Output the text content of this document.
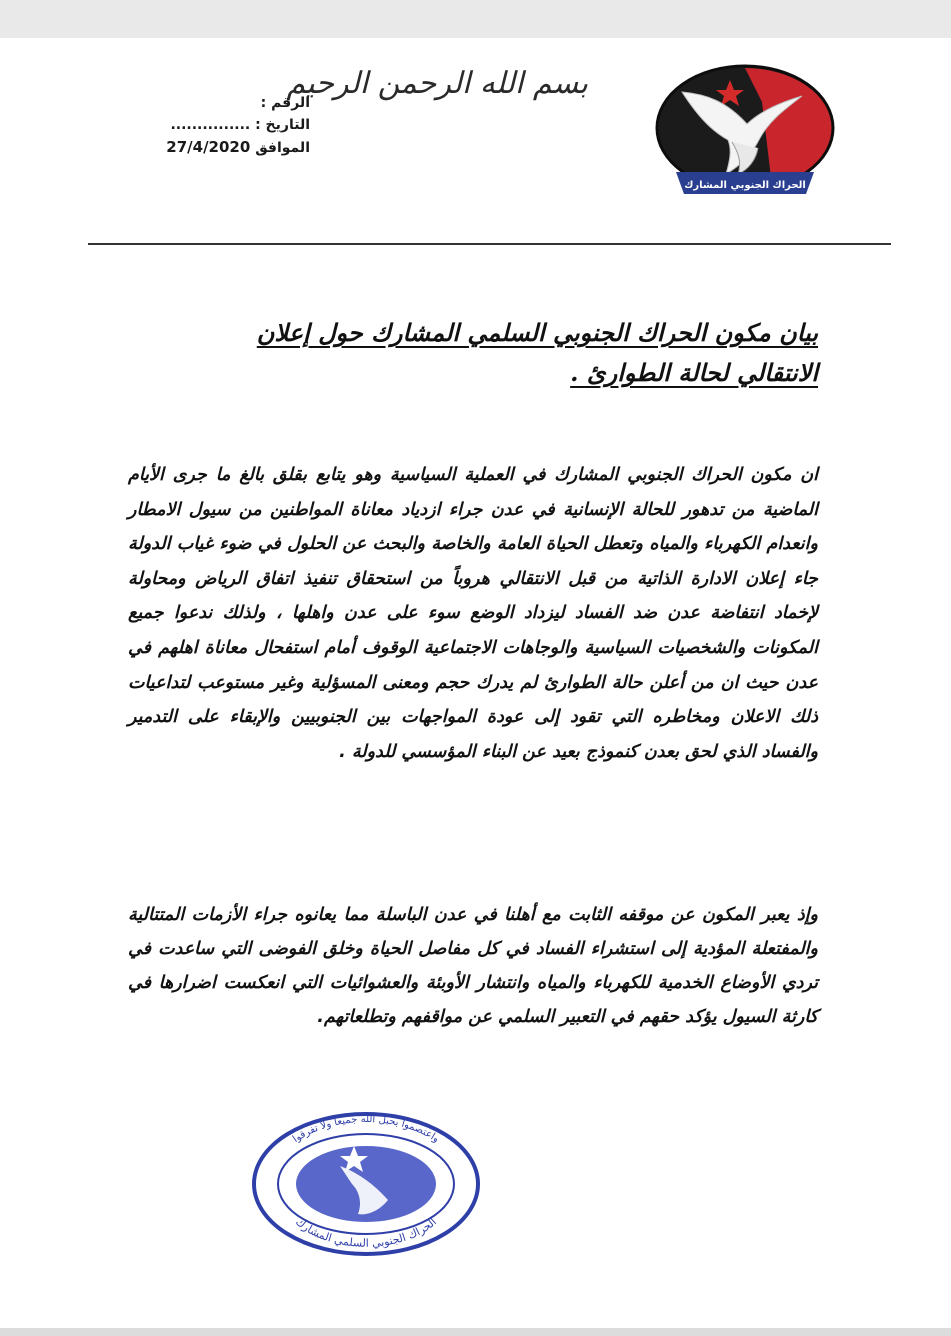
الحراك الجنوبي المشارك
بسم الله الرحمن الرحيم
الرقم :
التاريخ : ...............
الموافق 27/4/2020
بيان مكون الحراك الجنوبي السلمي المشارك حول إعلان
الانتقالي لحالة الطوارئ .
ان مكون الحراك الجنوبي المشارك في العملية السياسية وهو يتابع بقلق بالغ ما جرى الأيام الماضية من تدهور للحالة الإنسانية في عدن جراء ازدياد معاناة المواطنين من سيول الامطار وانعدام الكهرباء والمياه وتعطل الحياة العامة والخاصة والبحث عن الحلول في ضوء غياب الدولة جاء إعلان الادارة الذاتية من قبل الانتقالي هروباً من استحقاق تنفيذ اتفاق الرياض ومحاولة لإخماد انتفاضة عدن ضد الفساد ليزداد الوضع سوء على عدن واهلها ، ولذلك ندعوا جميع المكونات والشخصيات السياسية والوجاهات الاجتماعية الوقوف أمام استفحال معاناة اهلهم في عدن حيث ان من أعلن حالة الطوارئ لم يدرك حجم ومعنى المسؤلية وغير مستوعب لتداعيات ذلك الاعلان ومخاطره التي تقود إلى عودة المواجهات بين الجنوبيين والإبقاء على التدمير والفساد الذي لحق بعدن كنموذج بعيد عن البناء المؤسسي للدولة .
وإذ يعبر المكون عن موقفه الثابت مع أهلنا في عدن الباسلة مما يعانوه جراء الأزمات المتتالية والمفتعلة المؤدية إلى استشراء الفساد في كل مفاصل الحياة وخلق الفوضى التي ساعدت في تردي الأوضاع الخدمية للكهرباء والمياه وانتشار الأوبئة والعشوائيات التي انعكست اضرارها في كارثة السيول يؤكد حقهم في التعبير السلمي عن مواقفهم وتطلعاتهم.
واعتصموا بحبل الله جميعا ولا تفرقوا
الحراك الجنوبي السلمي المشارك
